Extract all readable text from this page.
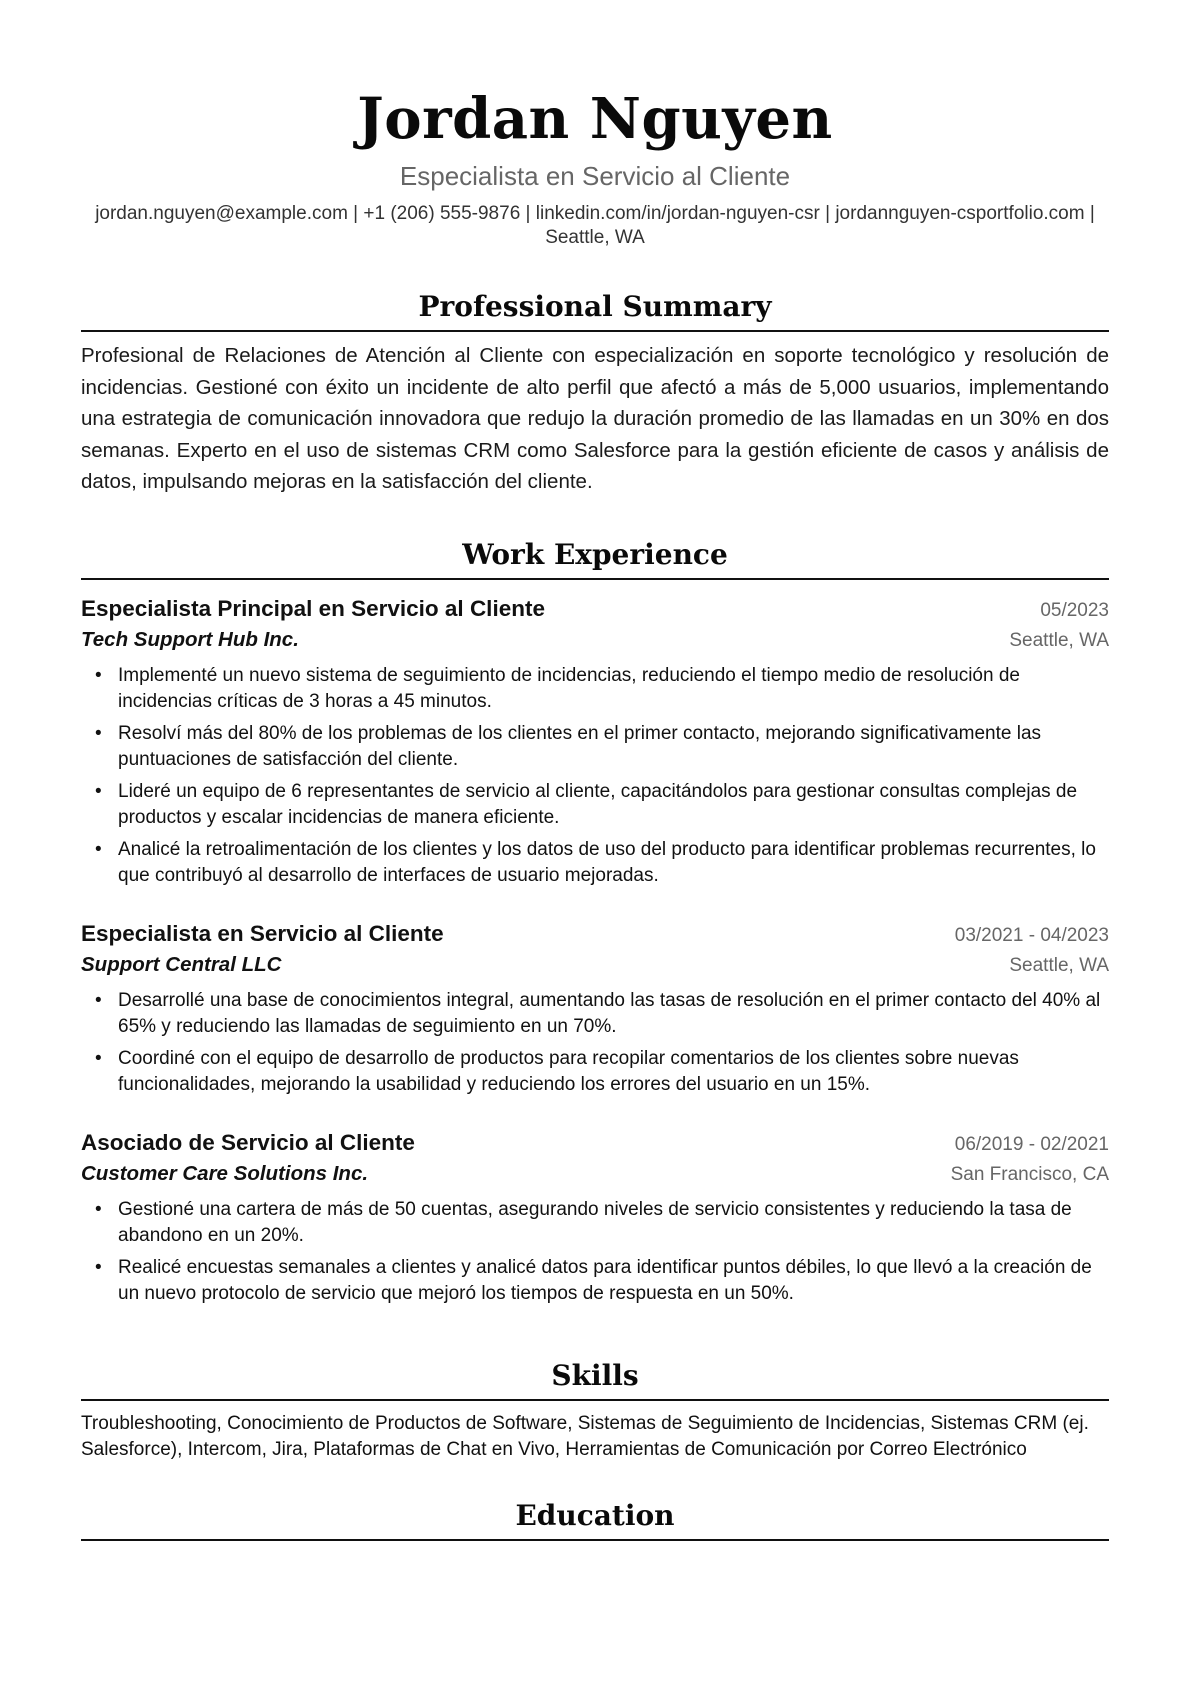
Jordan Nguyen
Especialista en Servicio al Cliente
jordan.nguyen@example.com | +1 (206) 555-9876 | linkedin.com/in/jordan-nguyen-csr | jordannguyen-csportfolio.com | Seattle, WA
Professional Summary
Profesional de Relaciones de Atención al Cliente con especialización en soporte tecnológico y resolución de incidencias. Gestioné con éxito un incidente de alto perfil que afectó a más de 5,000 usuarios, implementando una estrategia de comunicación innovadora que redujo la duración promedio de las llamadas en un 30% en dos semanas. Experto en el uso de sistemas CRM como Salesforce para la gestión eficiente de casos y análisis de datos, impulsando mejoras en la satisfacción del cliente.
Work Experience
Especialista Principal en Servicio al Cliente	05/2023
Tech Support Hub Inc.	Seattle, WA
• Implementé un nuevo sistema de seguimiento de incidencias, reduciendo el tiempo medio de resolución de incidencias críticas de 3 horas a 45 minutos.
• Resolví más del 80% de los problemas de los clientes en el primer contacto, mejorando significativamente las puntuaciones de satisfacción del cliente.
• Lideré un equipo de 6 representantes de servicio al cliente, capacitándolos para gestionar consultas complejas de productos y escalar incidencias de manera eficiente.
• Analicé la retroalimentación de los clientes y los datos de uso del producto para identificar problemas recurrentes, lo que contribuyó al desarrollo de interfaces de usuario mejoradas.
Especialista en Servicio al Cliente	03/2021 - 04/2023
Support Central LLC	Seattle, WA
• Desarrollé una base de conocimientos integral, aumentando las tasas de resolución en el primer contacto del 40% al 65% y reduciendo las llamadas de seguimiento en un 70%.
• Coordiné con el equipo de desarrollo de productos para recopilar comentarios de los clientes sobre nuevas funcionalidades, mejorando la usabilidad y reduciendo los errores del usuario en un 15%.
Asociado de Servicio al Cliente	06/2019 - 02/2021
Customer Care Solutions Inc.	San Francisco, CA
• Gestioné una cartera de más de 50 cuentas, asegurando niveles de servicio consistentes y reduciendo la tasa de abandono en un 20%.
• Realicé encuestas semanales a clientes y analicé datos para identificar puntos débiles, lo que llevó a la creación de un nuevo protocolo de servicio que mejoró los tiempos de respuesta en un 50%.
Skills
Troubleshooting, Conocimiento de Productos de Software, Sistemas de Seguimiento de Incidencias, Sistemas CRM (ej. Salesforce), Intercom, Jira, Plataformas de Chat en Vivo, Herramientas de Comunicación por Correo Electrónico
Education
